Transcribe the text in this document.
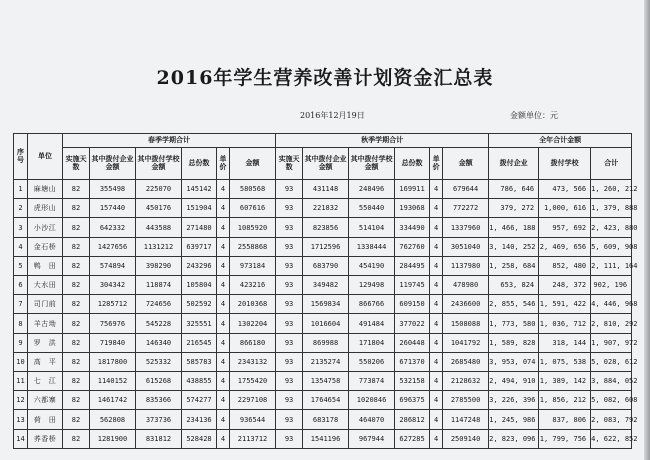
2016年学生营养改善计划资金汇总表
2016年12月19日	金额单位：元
序号	单位	春季学期合计						秋季学期合计						全年合计金额		
		实施天数	其中拨付企业金额	其中拨付学校金额	总份数	单价	金额	实施天数	其中拨付企业金额	其中拨付学校金额	总份数	单价	金额	拨付企业	拨付学校	合计
1	麻塘山	82	355498	225070	145142	4	580568	93	431148	248496	169911	4	679644	786, 646	473, 566	1, 260, 212
2	虎形山	82	157440	450176	151904	4	607616	93	221832	550440	193068	4	772272	379, 272	1,000, 616	1, 379, 888
3	小沙江	82	642332	443588	271480	4	1085920	93	823856	514104	334490	4	1337960	1, 466, 188	957, 692	2, 423, 880
4	金石桥	82	1427656	1131212	639717	4	2558868	93	1712596	1338444	762760	4	3051040	3, 140, 252	2, 469, 656	5, 609, 908
5	鸭　田	82	574894	398290	243296	4	973184	93	683790	454190	284495	4	1137980	1, 258, 684	852, 480	2, 111, 164
6	大水田	82	304342	118874	105804	4	423216	93	349482	129498	119745	4	478980	653, 824	248, 372	902, 196
7	司门前	82	1285712	724656	502592	4	2010368	93	1569834	866766	609150	4	2436600	2, 855, 546	1, 591, 422	4, 446, 968
8	羊古坳	82	756976	545228	325551	4	1302204	93	1016604	491484	377022	4	1508088	1, 773, 580	1, 036, 712	2, 810, 292
9	罗　洪	82	719840	146340	216545	4	866180	93	869988	171804	260448	4	1041792	1, 589, 828	318, 144	1, 907, 972
10	高　平	82	1817800	525332	585783	4	2343132	93	2135274	550206	671370	4	2685480	3, 953, 074	1, 075, 538	5, 028, 612
11	七　江	82	1140152	615268	438855	4	1755420	93	1354758	773874	532158	4	2128632	2, 494, 910	1, 389, 142	3, 884, 052
12	六都寨	82	1461742	835366	574277	4	2297108	93	1764654	1020846	696375	4	2785500	3, 226, 396	1, 856, 212	5, 082, 608
13	荷　田	82	562808	373736	234136	4	936544	93	683178	464070	286812	4	1147248	1, 245, 986	837, 806	2, 083, 792
14	荞香桥	82	1281900	831812	528428	4	2113712	93	1541196	967944	627285	4	2509140	2, 823, 096	1, 799, 756	4, 622, 852
